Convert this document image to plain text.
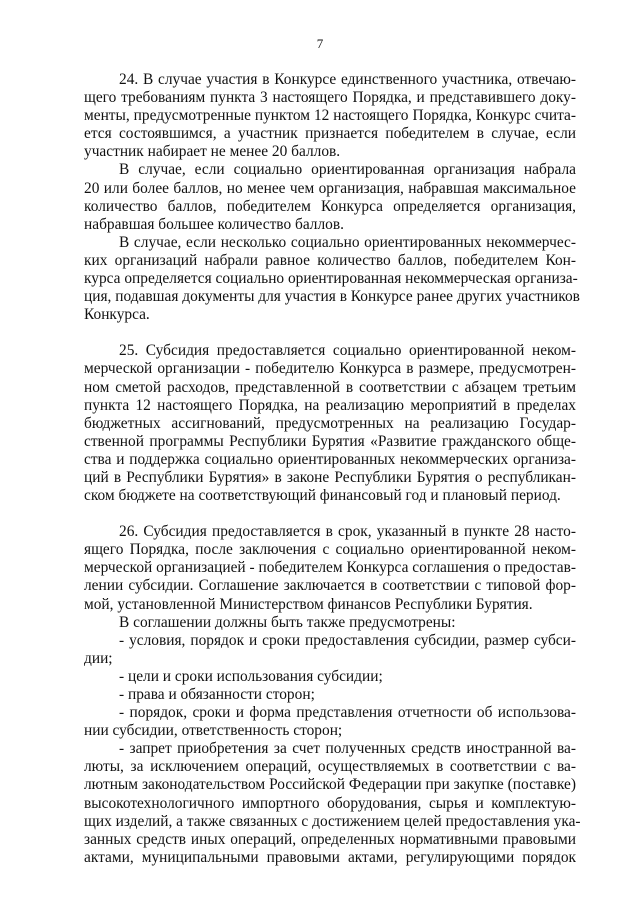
7

24. В случае участия в Конкурсе единственного участника, отвечаю-
щего требованиям пункта 3 настоящего Порядка, и представившего доку-
менты, предусмотренные пунктом 12 настоящего Порядка, Конкурс счита-
ется состоявшимся, а участник признается победителем в случае, если
участник набирает не менее 20 баллов.

В случае, если социально ориентированная организация набрала
20 или более баллов, но менее чем организация, набравшая максимальное
количество баллов, победителем Конкурса определяется организация,
набравшая большее количество баллов.

В случае, если несколько социально ориентированных некоммерчес-
ких организаций набрали равное количество баллов, победителем Кон-
курса определяется социально ориентированная некоммерческая организа-
ция, подавшая документы для участия в Конкурсе ранее других участников
Конкурса.

25. Субсидия предоставляется социально ориентированной неком-
мерческой организации - победителю Конкурса в размере, предусмотрен-
ном сметой расходов, представленной в соответствии с абзацем третьим
пункта 12 настоящего Порядка, на реализацию мероприятий в пределах
бюджетных ассигнований, предусмотренных на реализацию Государ-
ственной программы Республики Бурятия «Развитие гражданского обще-
ства и поддержка социально ориентированных некоммерческих организа-
ций в Республики Бурятия» в законе Республики Бурятия о республикан-
ском бюджете на соответствующий финансовый год и плановый период.

26. Субсидия предоставляется в срок, указанный в пункте 28 насто-
ящего Порядка, после заключения с социально ориентированной неком-
мерческой организацией - победителем Конкурса соглашения о предостав-
лении субсидии. Соглашение заключается в соответствии с типовой фор-
мой, установленной Министерством финансов Республики Бурятия.

В соглашении должны быть также предусмотрены:

- условия, порядок и сроки предоставления субсидии, размер субси-
дии;

- цели и сроки использования субсидии;

- права и обязанности сторон;

- порядок, сроки и форма представления отчетности об использова-
нии субсидии, ответственность сторон;

- запрет приобретения за счет полученных средств иностранной ва-
люты, за исключением операций, осуществляемых в соответствии с ва-
лютным законодательством Российской Федерации при закупке (поставке)
высокотехнологичного импортного оборудования, сырья и комплектую-
щих изделий, а также связанных с достижением целей предоставления ука-
занных средств иных операций, определенных нормативными правовыми
актами, муниципальными правовыми актами, регулирующими порядок
